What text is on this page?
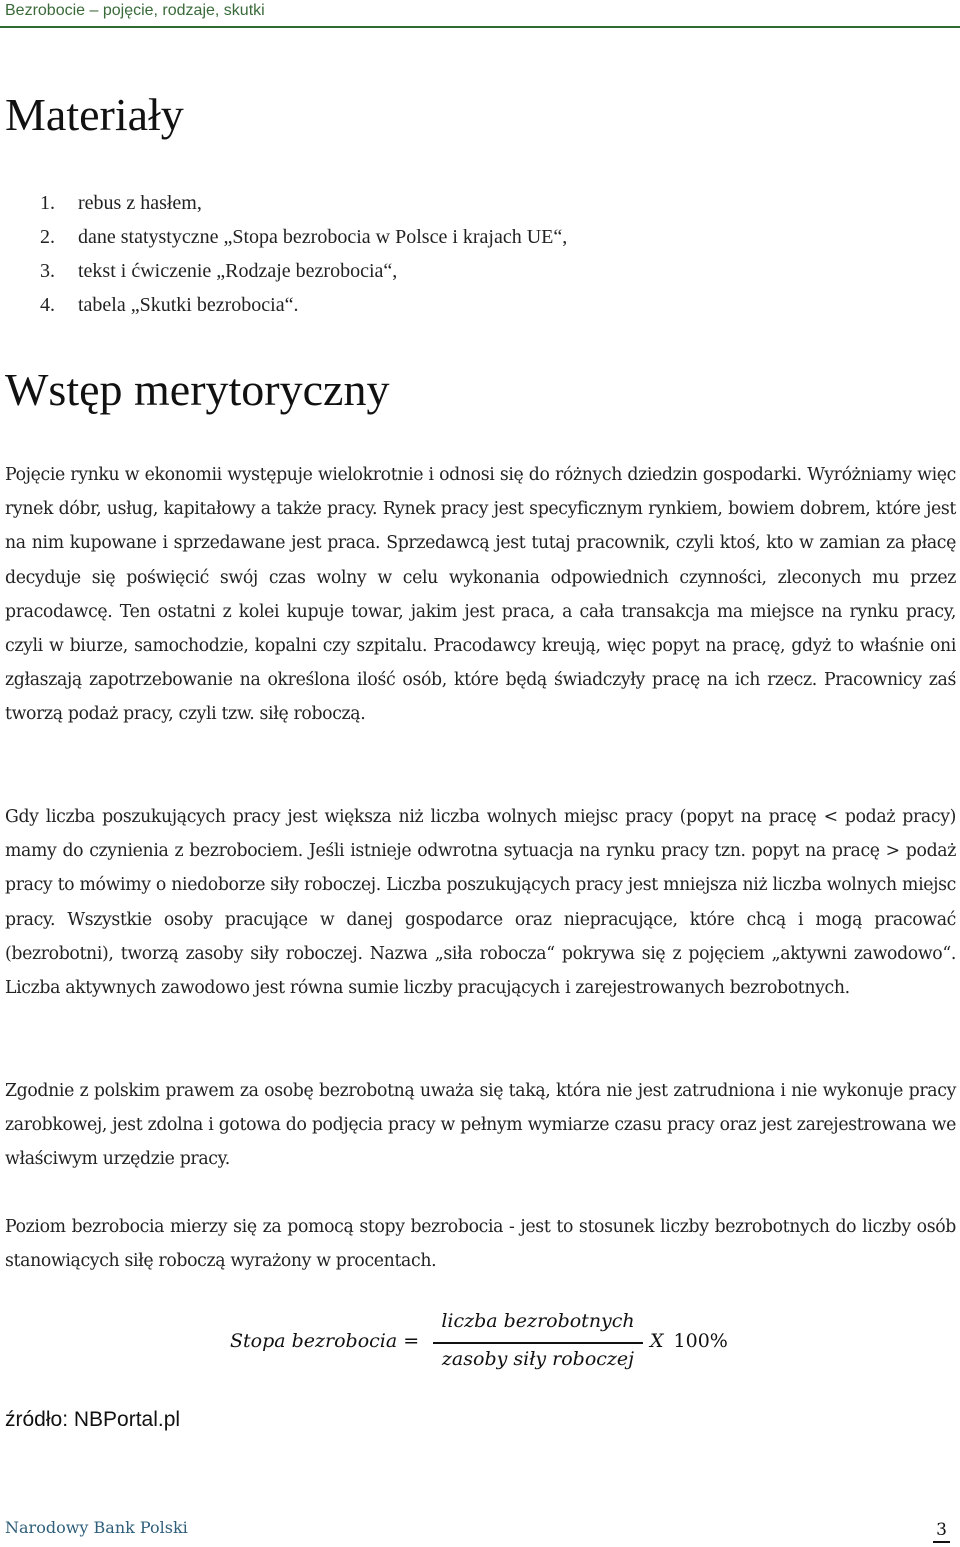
Bezrobocie – pojęcie, rodzaje, skutki
Materiały
1. rebus z hasłem,
2. dane statystyczne „Stopa bezrobocia w Polsce i krajach UE“,
3. tekst i ćwiczenie „Rodzaje bezrobocia“,
4. tabela „Skutki bezrobocia“.
Wstęp merytoryczny

Pojęcie rynku w ekonomii występuje wielokrotnie i odnosi się do różnych dziedzin gospodarki. Wyróżniamy więc rynek dóbr, usług, kapitałowy a także pracy. Rynek pracy jest specyficznym rynkiem, bowiem dobrem, które jest na nim kupowane i sprzedawane jest praca. Sprzedawcą jest tutaj pracownik, czyli ktoś, kto w zamian za płacę decyduje się poświęcić swój czas wolny w celu wykonania odpowiednich czynności, zleconych mu przez pracodawcę. Ten ostatni z kolei kupuje towar, jakim jest praca, a cała transakcja ma miejsce na rynku pracy, czyli w biurze, samochodzie, kopalni czy szpitalu. Pracodawcy kreują, więc popyt na pracę, gdyż to właśnie oni zgłaszają zapotrzebowanie na określona ilość osób, które będą świadczyły pracę na ich rzecz. Pracownicy zaś tworzą podaż pracy, czyli tzw. siłę roboczą.

Gdy liczba poszukujących pracy jest większa niż liczba wolnych miejsc pracy (popyt na pracę < podaż pracy) mamy do czynienia z bezrobociem. Jeśli istnieje odwrotna sytuacja na rynku pracy tzn. popyt na pracę > podaż pracy to mówimy o niedoborze siły roboczej. Liczba poszukujących pracy jest mniejsza niż liczba wolnych miejsc pracy. Wszystkie osoby pracujące w danej gospodarce oraz niepracujące, które chcą i mogą pracować (bezrobotni), tworzą zasoby siły roboczej. Nazwa „siła robocza“ pokrywa się z pojęciem „aktywni zawodowo“. Liczba aktywnych zawodowo jest równa sumie liczby pracujących i zarejestrowanych bezrobotnych.

Zgodnie z polskim prawem za osobę bezrobotną uważa się taką, która nie jest zatrudniona i nie wykonuje pracy zarobkowej, jest zdolna i gotowa do podjęcia pracy w pełnym wymiarze czasu pracy oraz jest zarejestrowana we właściwym urzędzie pracy.

Poziom bezrobocia mierzy się za pomocą stopy bezrobocia - jest to stosunek liczby bezrobotnych do liczby osób stanowiących siłę roboczą wyrażony w procentach.

Stopa bezrobocia =
liczba bezrobotnych
zasoby siły roboczej
X 100%
źródło: NBPortal.pl
Narodowy Bank Polski	3
